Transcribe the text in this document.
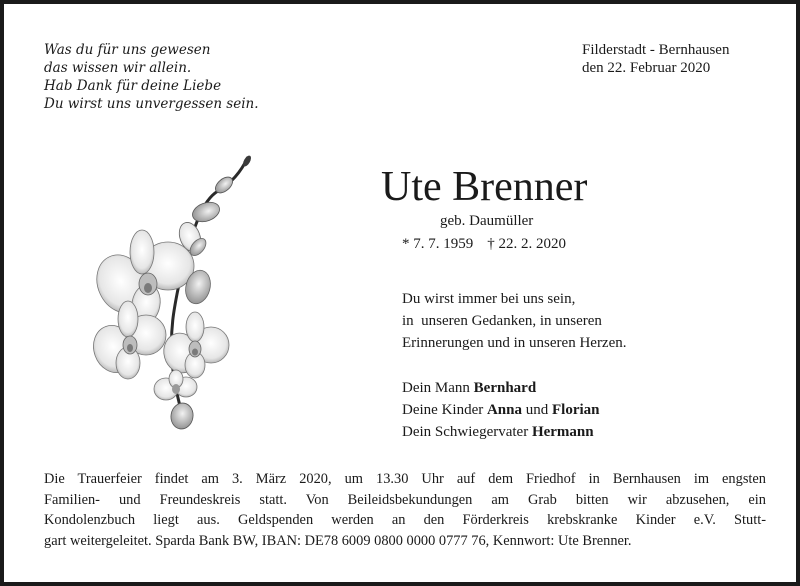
Was du für uns gewesen
das wissen wir allein.
Hab Dank für deine Liebe
Du wirst uns unvergessen sein.
Filderstadt - Bernhausen
den 22. Februar 2020
Ute Brenner
geb. Daumüller
* 7. 7. 1959 † 22. 2. 2020
Du wirst immer bei uns sein,
in  unseren Gedanken, in unseren
Erinnerungen und in unseren Herzen.
Dein Mann Bernhard
Deine Kinder Anna und Florian
Dein Schwiegervater Hermann
Die Trauerfeier findet am 3. März 2020, um 13.30 Uhr auf dem Friedhof in Bernhausen im engsten
Familien- und Freundeskreis statt. Von Beileidsbekundungen am Grab bitten wir abzusehen, ein
Kondolenzbuch liegt aus. Geldspenden werden an den Förderkreis krebskranke Kinder e.V. Stutt-
gart weitergeleitet. Sparda Bank BW, IBAN: DE78 6009 0800 0000 0777 76, Kennwort: Ute Brenner.
